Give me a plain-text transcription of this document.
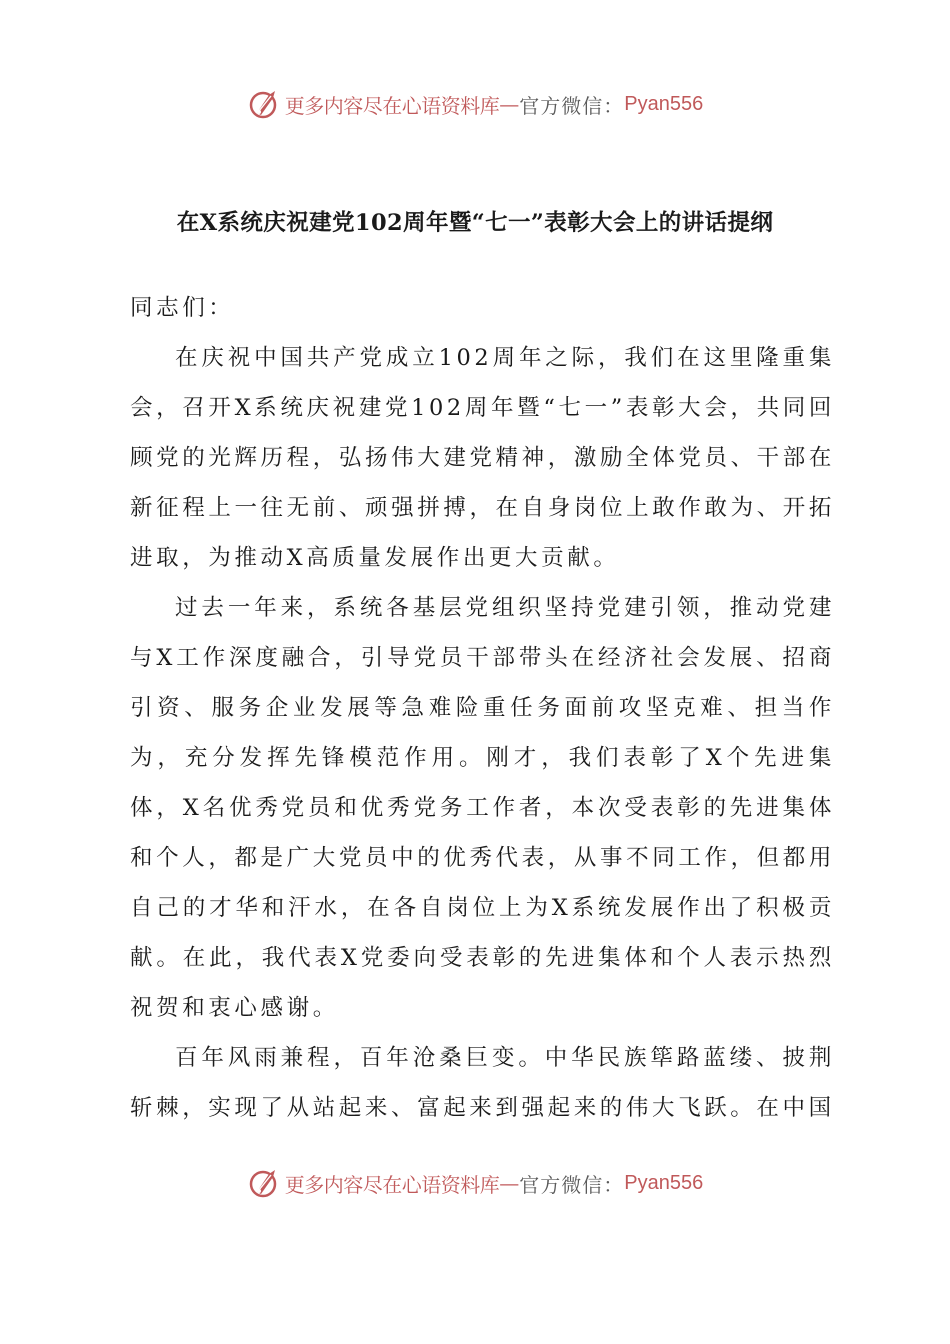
更多内容尽在心语资料库 — 官方微信： Pyan556
在X系统庆祝建党102周年暨“七一”表彰大会上的讲话提纲

同志们：

在庆祝中国共产党成立102周年之际，我们在这里隆重集会，召开X系统庆祝建党102周年暨“七一”表彰大会，共同回顾党的光辉历程，弘扬伟大建党精神，激励全体党员、干部在新征程上一往无前、顽强拼搏，在自身岗位上敢作敢为、开拓进取，为推动X高质量发展作出更大贡献。

过去一年来，系统各基层党组织坚持党建引领，推动党建与X工作深度融合，引导党员干部带头在经济社会发展、招商引资、服务企业发展等急难险重任务面前攻坚克难、担当作为，充分发挥先锋模范作用。刚才，我们表彰了X个先进集体，X名优秀党员和优秀党务工作者，本次受表彰的先进集体和个人，都是广大党员中的优秀代表，从事不同工作，但都用自己的才华和汗水，在各自岗位上为X系统发展作出了积极贡献。在此，我代表X党委向受表彰的先进集体和个人表示热烈祝贺和衷心感谢。

百年风雨兼程，百年沧桑巨变。中华民族筚路蓝缕、披荆斩棘，实现了从站起来、富起来到强起来的伟大飞跃。在中国

更多内容尽在心语资料库 — 官方微信： Pyan556
